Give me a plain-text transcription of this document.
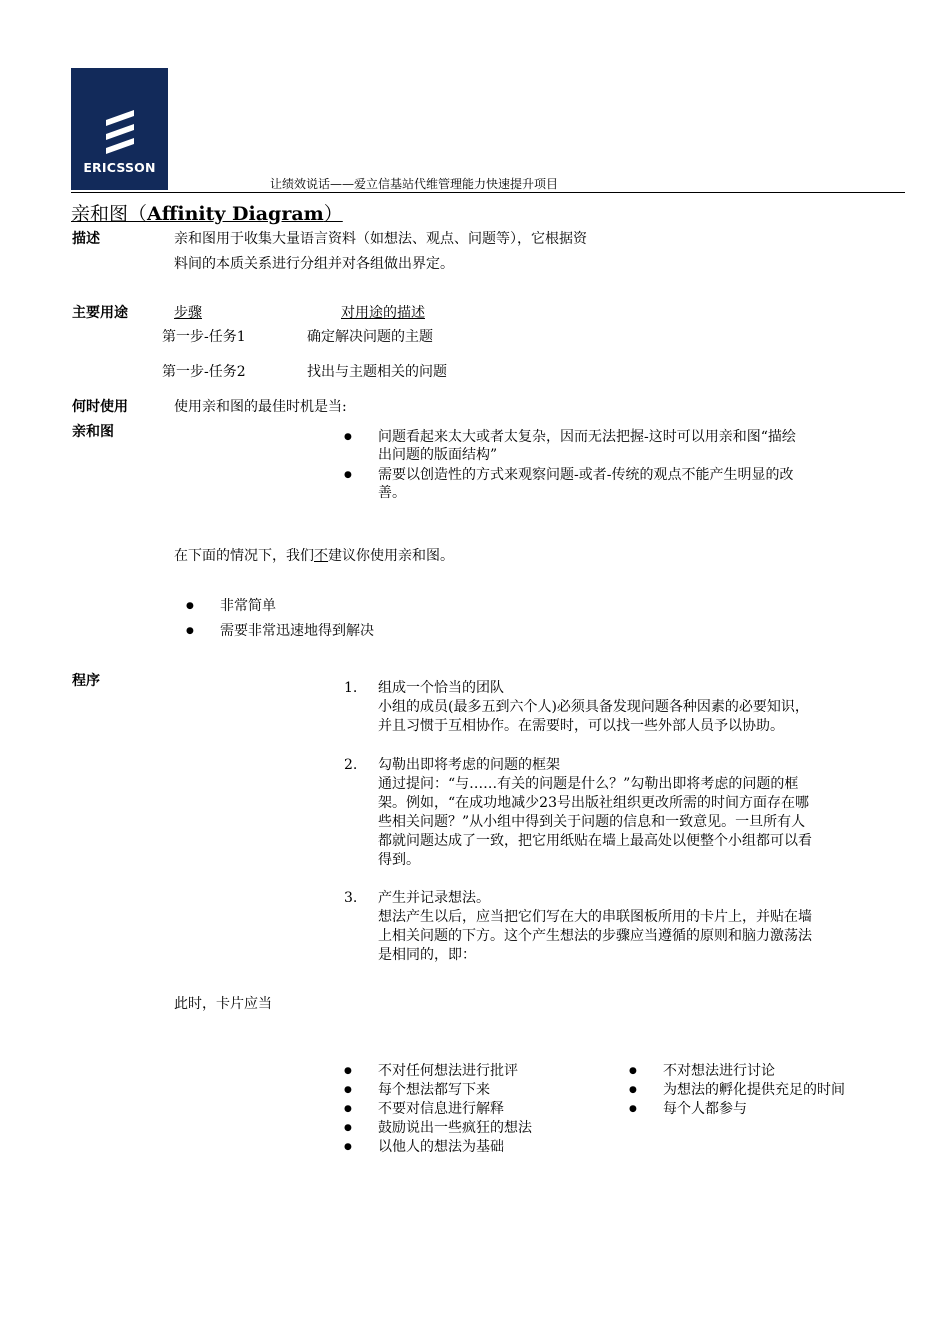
ERICSSON
让绩效说话——爱立信基站代维管理能力快速提升项目
亲和图（Affinity Diagram）
描述	亲和图用于收集大量语言资料（如想法、观点、问题等），它根据资
料间的本质关系进行分组并对各组做出界定。
主要用途	步骤	对用途的描述
第一步-任务1	确定解决问题的主题
第一步-任务2	找出与主题相关的问题
何时使用
亲和图
使用亲和图的最佳时机是当:
● 问题看起来太大或者太复杂，因而无法把握-这时可以用亲和图“描绘
出问题的版面结构”
● 需要以创造性的方式来观察问题-或者-传统的观点不能产生明显的改
善。
在下面的情况下，我们不建议你使用亲和图。
● 非常简单
● 需要非常迅速地得到解决
程序	1. 组成一个恰当的团队
小组的成员(最多五到六个人)必须具备发现问题各种因素的必要知识，
并且习惯于互相协作。在需要时，可以找一些外部人员予以协助。
2. 勾勒出即将考虑的问题的框架
通过提问：“与……有关的问题是什么？”勾勒出即将考虑的问题的框
架。例如，“在成功地减少23号出版社组织更改所需的时间方面存在哪
些相关问题？”从小组中得到关于问题的信息和一致意见。一旦所有人
都就问题达成了一致，把它用纸贴在墙上最高处以便整个小组都可以看
得到。
3. 产生并记录想法。
想法产生以后，应当把它们写在大的串联图板所用的卡片上，并贴在墙
上相关问题的下方。这个产生想法的步骤应当遵循的原则和脑力激荡法
是相同的，即：
此时，卡片应当
● 不对任何想法进行批评
● 每个想法都写下来
● 不要对信息进行解释
● 鼓励说出一些疯狂的想法
● 以他人的想法为基础
● 不对想法进行讨论
● 为想法的孵化提供充足的时间
● 每个人都参与
